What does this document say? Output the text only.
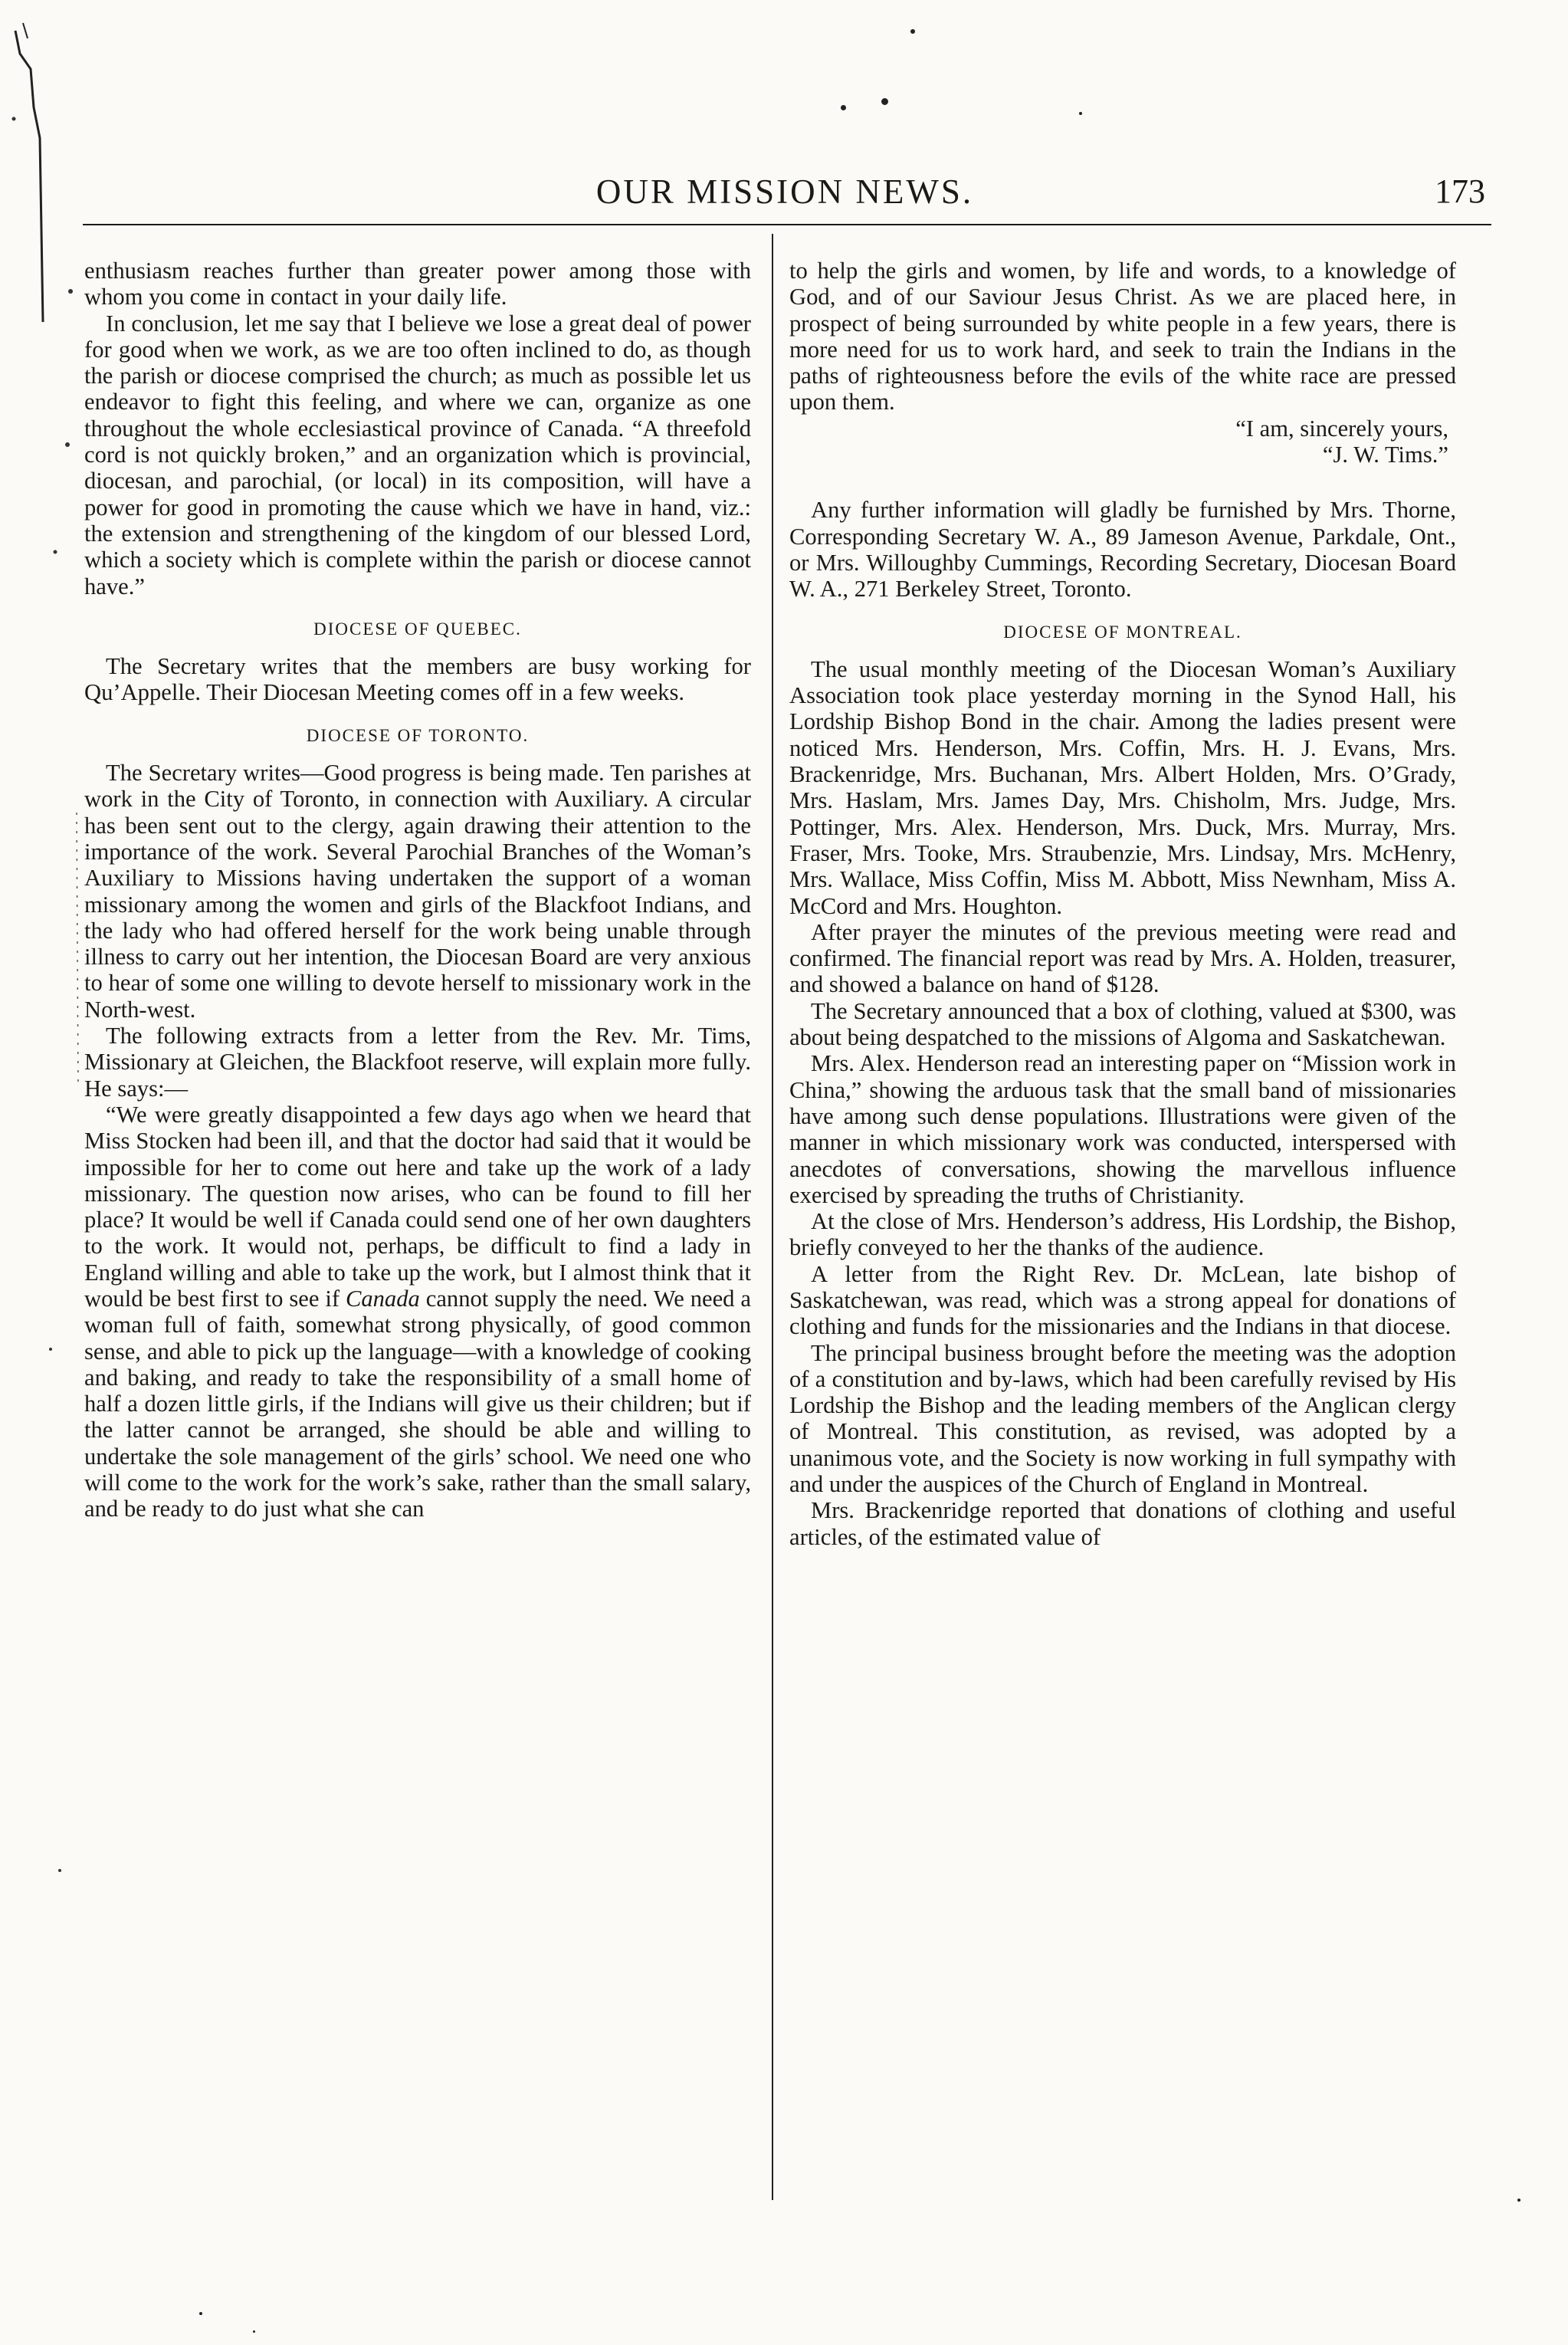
OUR MISSION NEWS.	173

enthusiasm reaches further than greater power among those with whom you come in contact in your daily life.

In conclusion, let me say that I believe we lose a great deal of power for good when we work, as we are too often inclined to do, as though the parish or diocese comprised the church; as much as possible let us endeavor to fight this feeling, and where we can, organize as one throughout the whole ecclesiastical province of Canada. “A threefold cord is not quickly broken,” and an organization which is provincial, diocesan, and parochial, (or local) in its composition, will have a power for good in promoting the cause which we have in hand, viz.: the extension and strengthening of the kingdom of our blessed Lord, which a society which is complete within the parish or diocese cannot have.”

DIOCESE OF QUEBEC.

The Secretary writes that the members are busy working for Qu’Appelle. Their Diocesan Meeting comes off in a few weeks.

DIOCESE OF TORONTO.

The Secretary writes—Good progress is being made. Ten parishes at work in the City of Toronto, in connection with Auxiliary. A circular has been sent out to the clergy, again drawing their attention to the importance of the work. Several Parochial Branches of the Woman’s Auxiliary to Missions having undertaken the support of a woman missionary among the women and girls of the Blackfoot Indians, and the lady who had offered herself for the work being unable through illness to carry out her intention, the Diocesan Board are very anxious to hear of some one willing to devote herself to missionary work in the North-west.

The following extracts from a letter from the Rev. Mr. Tims, Missionary at Gleichen, the Blackfoot reserve, will explain more fully. He says:—

“We were greatly disappointed a few days ago when we heard that Miss Stocken had been ill, and that the doctor had said that it would be impossible for her to come out here and take up the work of a lady missionary. The question now arises, who can be found to fill her place? It would be well if Canada could send one of her own daughters to the work. It would not, perhaps, be difficult to find a lady in England willing and able to take up the work, but I almost think that it would be best first to see if Canada cannot supply the need. We need a woman full of faith, somewhat strong physically, of good common sense, and able to pick up the language—with a knowledge of cooking and baking, and ready to take the responsibility of a small home of half a dozen little girls, if the Indians will give us their children; but if the latter cannot be arranged, she should be able and willing to undertake the sole management of the girls’ school. We need one who will come to the work for the work’s sake, rather than the small salary, and be ready to do just what she can

to help the girls and women, by life and words, to a knowledge of God, and of our Saviour Jesus Christ. As we are placed here, in prospect of being surrounded by white people in a few years, there is more need for us to work hard, and seek to train the Indians in the paths of righteousness before the evils of the white race are pressed upon them.

“I am, sincerely yours,
“J. W. Tims.”

Any further information will gladly be furnished by Mrs. Thorne, Corresponding Secretary W. A., 89 Jameson Avenue, Parkdale, Ont., or Mrs. Willoughby Cummings, Recording Secretary, Diocesan Board W. A., 271 Berkeley Street, Toronto.

DIOCESE OF MONTREAL.

The usual monthly meeting of the Diocesan Woman’s Auxiliary Association took place yesterday morning in the Synod Hall, his Lordship Bishop Bond in the chair. Among the ladies present were noticed Mrs. Henderson, Mrs. Coffin, Mrs. H. J. Evans, Mrs. Brackenridge, Mrs. Buchanan, Mrs. Albert Holden, Mrs. O’Grady, Mrs. Haslam, Mrs. James Day, Mrs. Chisholm, Mrs. Judge, Mrs. Pottinger, Mrs. Alex. Henderson, Mrs. Duck, Mrs. Murray, Mrs. Fraser, Mrs. Tooke, Mrs. Straubenzie, Mrs. Lindsay, Mrs. McHenry, Mrs. Wallace, Miss Coffin, Miss M. Abbott, Miss Newnham, Miss A. McCord and Mrs. Houghton.

After prayer the minutes of the previous meeting were read and confirmed. The financial report was read by Mrs. A. Holden, treasurer, and showed a balance on hand of $128.

The Secretary announced that a box of clothing, valued at $300, was about being despatched to the missions of Algoma and Saskatchewan.

Mrs. Alex. Henderson read an interesting paper on “Mission work in China,” showing the arduous task that the small band of missionaries have among such dense populations. Illustrations were given of the manner in which missionary work was conducted, interspersed with anecdotes of conversations, showing the marvellous influence exercised by spreading the truths of Christianity.

At the close of Mrs. Henderson’s address, His Lordship, the Bishop, briefly conveyed to her the thanks of the audience.

A letter from the Right Rev. Dr. McLean, late bishop of Saskatchewan, was read, which was a strong appeal for donations of clothing and funds for the missionaries and the Indians in that diocese.

The principal business brought before the meeting was the adoption of a constitution and by-laws, which had been carefully revised by His Lordship the Bishop and the leading members of the Anglican clergy of Montreal. This constitution, as revised, was adopted by a unanimous vote, and the Society is now working in full sympathy with and under the auspices of the Church of England in Montreal.

Mrs. Brackenridge reported that donations of clothing and useful articles, of the estimated value of
